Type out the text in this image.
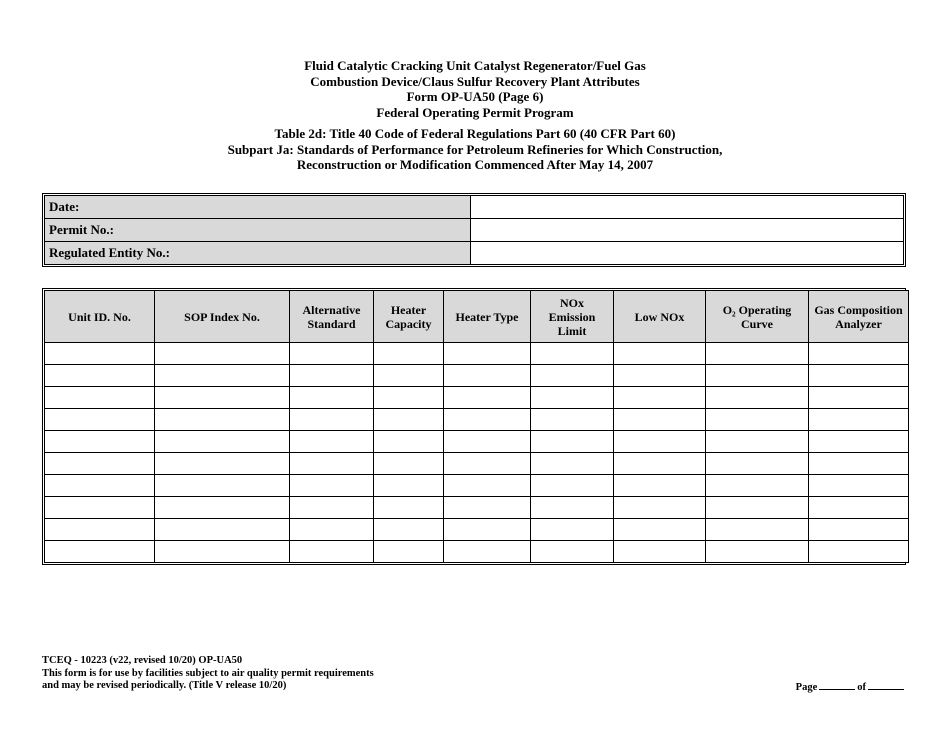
Fluid Catalytic Cracking Unit Catalyst Regenerator/Fuel Gas
Combustion Device/Claus Sulfur Recovery Plant Attributes
Form OP-UA50 (Page 6)
Federal Operating Permit Program
Table 2d: Title 40 Code of Federal Regulations Part 60 (40 CFR Part 60)
Subpart Ja: Standards of Performance for Petroleum Refineries for Which Construction,
Reconstruction or Modification Commenced After May 14, 2007
Date:	
Permit No.:	
Regulated Entity No.:	
Unit ID. No.	SOP Index No.	Alternative Standard	Heater Capacity	Heater Type	NOx Emission Limit	Low NOx	O₂ Operating Curve	Gas Composition Analyzer

TCEQ - 10223 (v22, revised 10/20) OP-UA50
This form is for use by facilities subject to air quality permit requirements
and may be revised periodically. (Title V release 10/20)	Page	of
